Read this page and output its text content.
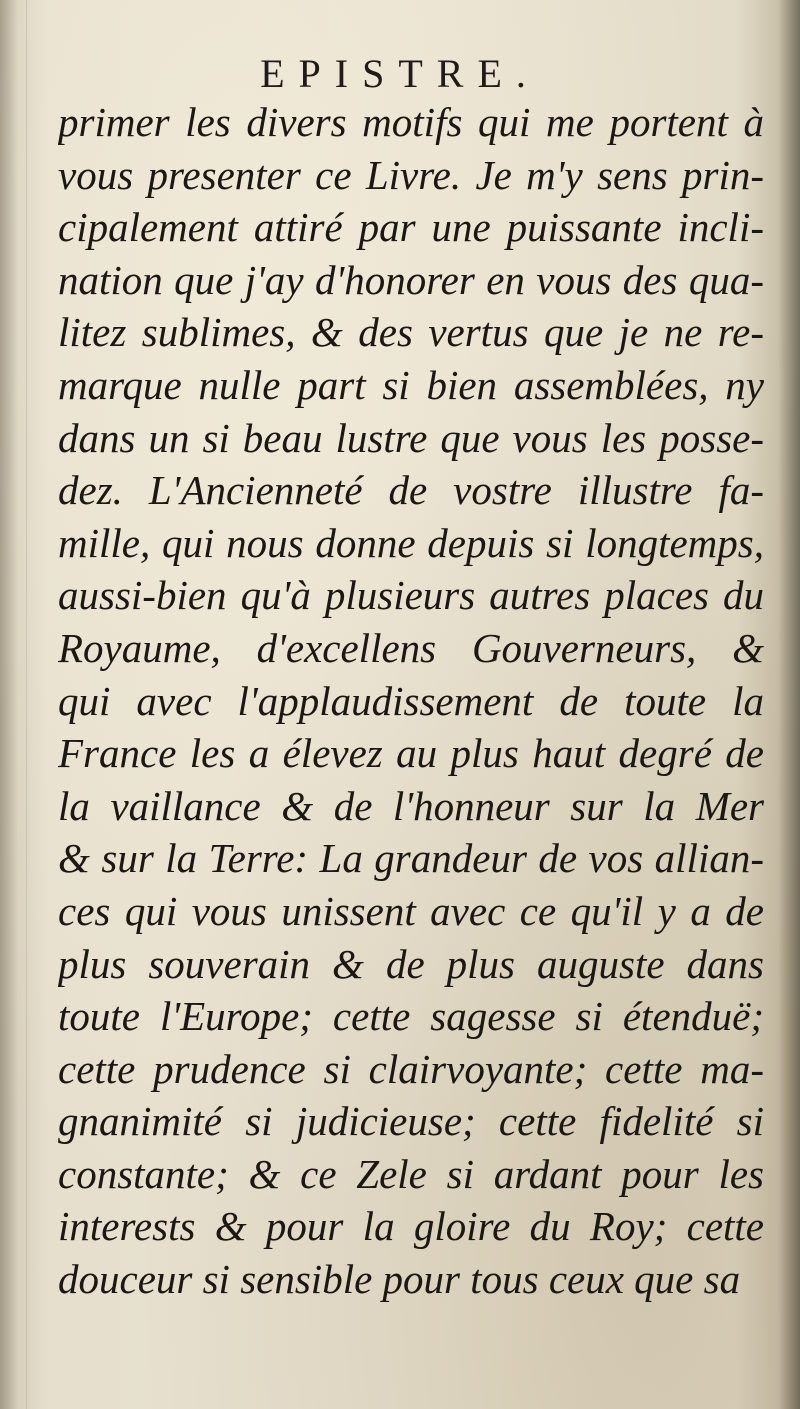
EPISTRE.
primer les divers motifs qui me portent à
vous presenter ce Livre. Je m'y sens prin-
cipalement attiré par une puissante incli-
nation que j'ay d'honorer en vous des qua-
litez sublimes, & des vertus que je ne re-
marque nulle part si bien assemblées, ny
dans un si beau lustre que vous les posse-
dez. L'Ancienneté de vostre illustre fa-
mille, qui nous donne depuis si longtemps,
aussi-bien qu'à plusieurs autres places du
Royaume, d'excellens Gouverneurs, &
qui avec l'applaudissement de toute la
France les a élevez au plus haut degré de
la vaillance & de l'honneur sur la Mer
& sur la Terre: La grandeur de vos allian-
ces qui vous unissent avec ce qu'il y a de
plus souverain & de plus auguste dans
toute l'Europe; cette sagesse si étenduë;
cette prudence si clairvoyante; cette ma-
gnanimité si judicieuse; cette fidelité si
constante; & ce Zele si ardant pour les
interests & pour la gloire du Roy; cette
douceur si sensible pour tous ceux que sa
